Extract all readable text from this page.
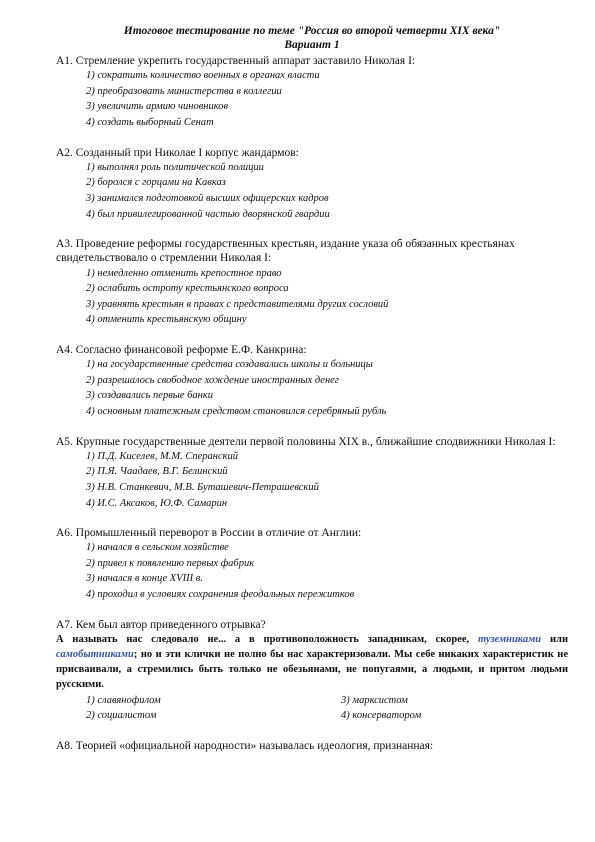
Итоговое тестирование по теме "Россия во второй четверти XIX века"
Вариант 1
А1. Стремление укрепить государственный аппарат заставило Николая I:
1) сократить количество военных в органах власти
2) преобразовать министерства в коллегии
3) увеличить армию чиновников
4) создать выборный Сенат
А2. Созданный при Николае I корпус жандармов:
1) выполнял роль политической полиции
2) боролся с горцами на Кавказ
3) занимался подготовкой высших офицерских кадров
4) был привилегированной частью дворянской гвардии
А3. Проведение реформы государственных крестьян, издание указа об обязанных крестьянах свидетельствовало о стремлении Николая I:
1) немедленно отменить крепостное право
2) ослабить остроту крестьянского вопроса
3) уравнять крестьян в правах с представителями других сословий
4) отменить крестьянскую общину
А4. Согласно финансовой реформе Е.Ф. Канкрина:
1) на государственные средства создавались школы и больницы
2) разрешалось свободное хождение иностранных денег
3) создавались первые банки
4) основным платежным средством становился серебряный рубль
А5. Крупные государственные деятели первой половины XIX в., ближайшие сподвижники Николая I:
1) П.Д. Киселев, М.М. Сперанский
2) П.Я. Чаадаев, В.Г. Белинский
3) Н.В. Станкевич, М.В. Буташевич-Петрашевский
4) И.С. Аксаков, Ю.Ф. Самарин
А6. Промышленный переворот в России в отличие от Англии:
1) начался в сельском хозяйстве
2) привел к появлению первых фабрик
3) начался в конце XVIII в.
4) проходил в условиях сохранения феодальных пережитков
А7. Кем был автор приведенного отрывка?
А называть нас следовало не... а в противоположность западникам, скорее, туземниками или самобытниками; но и эти клички не полно бы нас характеризовали. Мы себе никаких характеристик не присваивали, а стремились быть только не обезьянами, не попугаями, а людьми, и притом людьми русскими.
1) славянофилом	3) марксистом
2) социалистом	4) консерватором
А8. Теорией «официальной народности» называлась идеология, признанная:
